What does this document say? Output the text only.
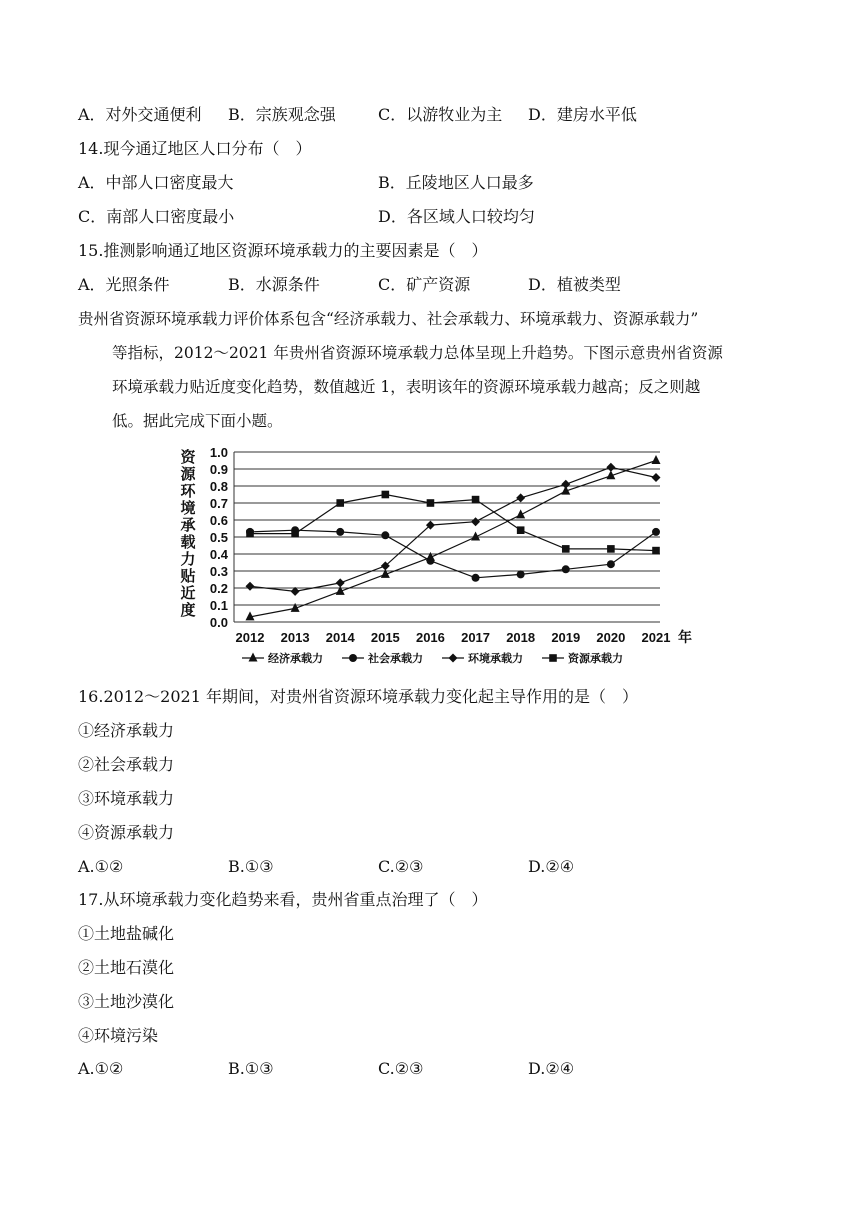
A．对外交通便利 B．宗族观念强	C．以游牧业为主 D．建房水平低
14.现今通辽地区人口分布（　）
A．中部人口密度最大	B．丘陵地区人口最多
C．南部人口密度最小	D．各区域人口较均匀
15.推测影响通辽地区资源环境承载力的主要因素是（　）
A．光照条件	B．水源条件	C．矿产资源	D．植被类型
贵州省资源环境承载力评价体系包含“经济承载力、社会承载力、环境承载力、资源承载力”
等指标，2012～2021 年贵州省资源环境承载力总体呈现上升趋势。下图示意贵州省资源
环境承载力贴近度变化趋势，数值越近 1，表明该年的资源环境承载力越高；反之则越
低。据此完成下面小题。
0.0
0.1
0.2
0.3
0.4
0.5
0.6
0.7
0.8
0.9
1.0
2012 2013 2014 2015 2016 2017 2018 2019 2020 2021 年
资
源
环
境
承
载
力
贴
近
度
经济承载力	社会承载力	环境承载力	资源承载力
16.2012～2021 年期间，对贵州省资源环境承载力变化起主导作用的是（　）
①经济承载力
②社会承载力
③环境承载力
④资源承载力
A.①②	B.①③	C.②③	D.②④
17.从环境承载力变化趋势来看，贵州省重点治理了（　）
①土地盐碱化
②土地石漠化
③土地沙漠化
④环境污染
A.①②	B.①③	C.②③	D.②④
